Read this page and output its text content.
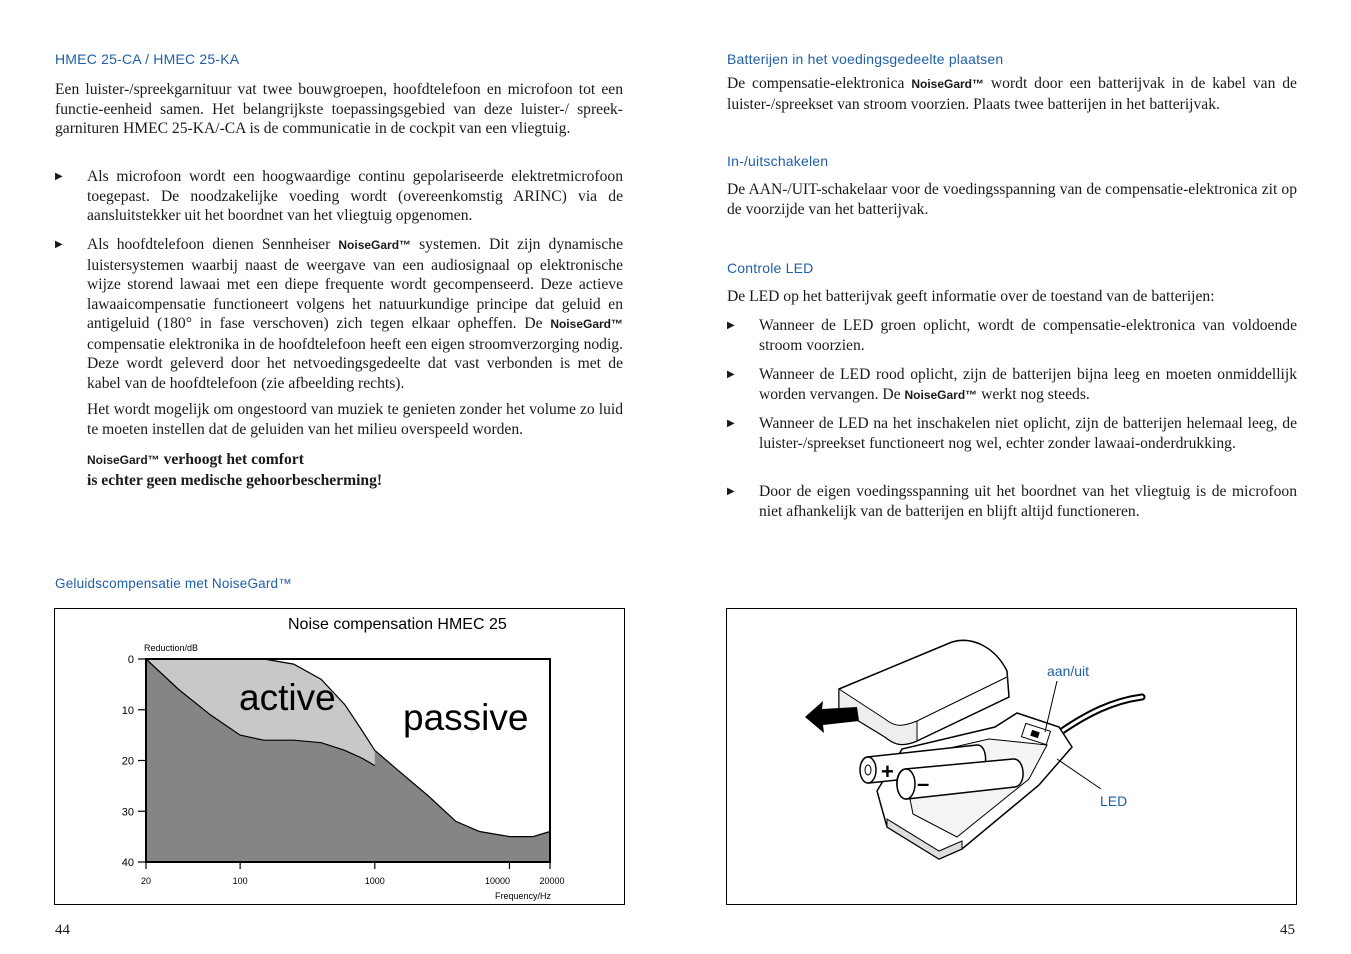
HMEC 25-CA / HMEC 25-KA
Een luister-/spreekgarnituur vat twee bouwgroepen, hoofdtelefoon en microfoon tot een functie-eenheid samen. Het belangrijkste toepassingsgebied van deze luister-/ spreek-garnituren HMEC 25-KA/-CA is de communicatie in de cockpit van een vliegtuig.
▶ Als microfoon wordt een hoogwaardige continu gepolariseerde elektretmicrofoon toegepast. De noodzakelijke voeding wordt (overeenkomstig ARINC) via de aansluitstekker uit het boordnet van het vliegtuig opgenomen.
▶ Als hoofdtelefoon dienen Sennheiser NoiseGard™ systemen. Dit zijn dynamische luistersystemen waarbij naast de weergave van een audiosignaal op elektronische wijze storend lawaai met een diepe frequente wordt gecompenseerd. Deze actieve lawaaicompensatie functioneert volgens het natuurkundige principe dat geluid en antigeluid (180° in fase verschoven) zich tegen elkaar opheffen. De NoiseGard™ compensatie elektronika in de hoofdtelefoon heeft een eigen stroomverzorging nodig. Deze wordt geleverd door het netvoedingsgedeelte dat vast verbonden is met de kabel van de hoofdtelefoon (zie afbeelding rechts).
Het wordt mogelijk om ongestoord van muziek te genieten zonder het volume zo luid te moeten instellen dat de geluiden van het milieu overspeeld worden.
NoiseGard™ verhoogt het comfort
is echter geen medische gehoorbescherming!
Geluidscompensatie met NoiseGard™
Noise compensation HMEC 25
Reduction/dB
Frequency/Hz
0
10
20
30
40
20	100	1000	10000	20000
active passive
44
Batterijen in het voedingsgedeelte plaatsen
De compensatie-elektronica NoiseGard™ wordt door een batterijvak in de kabel van de luister-/spreekset van stroom voorzien. Plaats twee batterijen in het batterijvak.
In-/uitschakelen
De AAN-/UIT-schakelaar voor de voedingsspanning van de compensatie-elektronica zit op de voorzijde van het batterijvak.
Controle LED
De LED op het batterijvak geeft informatie over de toestand van de batterijen:
▶ Wanneer de LED groen oplicht, wordt de compensatie-elektronica van voldoende stroom voorzien.
▶ Wanneer de LED rood oplicht, zijn de batterijen bijna leeg en moeten onmiddellijk worden vervangen. De NoiseGard™ werkt nog steeds.
▶ Wanneer de LED na het inschakelen niet oplicht, zijn de batterijen helemaal leeg, de luister-/spreekset functioneert nog wel, echter zonder lawaai-onderdrukking.
▶ Door de eigen voedingsspanning uit het boordnet van het vliegtuig is de microfoon niet afhankelijk van de batterijen en blijft altijd functioneren.
+ –
aan/uit
LED
45
